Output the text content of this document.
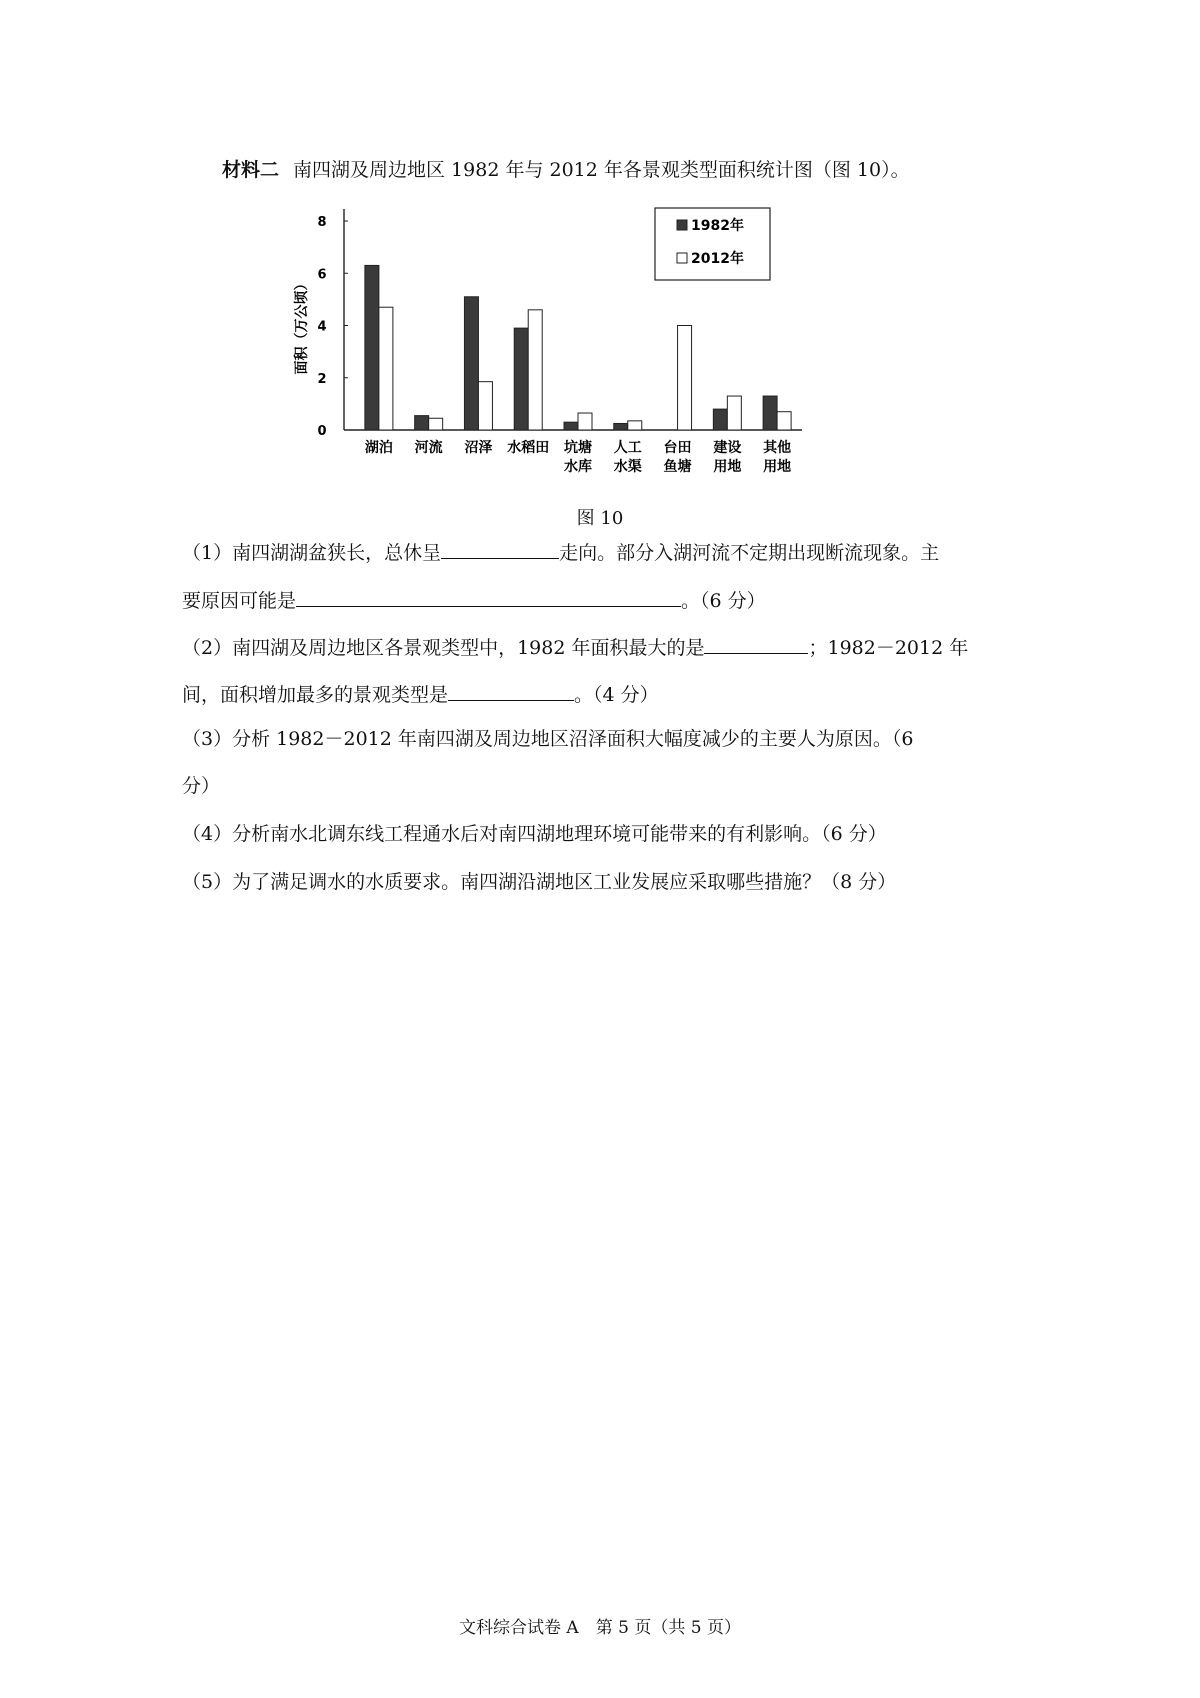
材料二 南四湖及周边地区 1982 年与 2012 年各景观类型面积统计图（图 10）。
0
2
4
6
8
湖泊 河流 沼泽 水稻田 坑塘
水库
人工
水渠
台田
鱼塘
建设
用地
其他
用地
面积（万公顷）
1982年
2012年
图 10
（1）南四湖湖盆狭长，总休呈	走向。部分入湖河流不定期出现断流现象。主
要原因可能是	。（6 分）
（2）南四湖及周边地区各景观类型中，1982 年面积最大的是	；1982－2012 年
间，面积增加最多的景观类型是	。（4 分）
（3）分析 1982－2012 年南四湖及周边地区沼泽面积大幅度减少的主要人为原因。（6
分）
（4）分析南水北调东线工程通水后对南四湖地理环境可能带来的有利影响。（6 分）
（5）为了满足调水的水质要求。南四湖沿湖地区工业发展应采取哪些措施？（8 分）
文科综合试卷 A　第 5 页（共 5 页）
